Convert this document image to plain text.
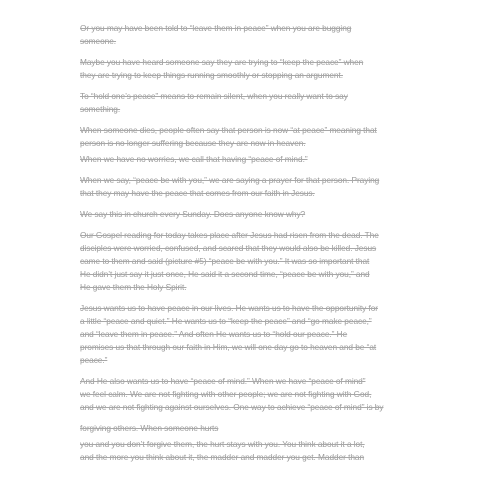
Or you may have been told to “leave them in peace” when you are bugging
someone.

Maybe you have heard someone say they are trying to “keep the peace” when
they are trying to keep things running smoothly or stopping an argument.

To “hold one’s peace” means to remain silent, when you really want to say
something.

When someone dies, people often say that person is now “at peace” meaning that
person is no longer suffering because they are now in heaven.

When we have no worries, we call that having “peace of mind.”

When we say, “peace be with you,” we are saying a prayer for that person. Praying
that they may have the peace that comes from our faith in Jesus.

We say this in church every Sunday. Does anyone know why?

Our Gospel reading for today takes place after Jesus had risen from the dead. The
disciples were worried, confused, and scared that they would also be killed. Jesus
came to them and said (picture #5) “peace be with you.” It was so important that
He didn’t just say it just once, He said it a second time, “peace be with you,” and
He gave them the Holy Spirit.

Jesus wants us to have peace in our lives. He wants us to have the opportunity for
a little “peace and quiet.” He wants us to “keep the peace” and “go make peace,”
and “leave them in peace.” And often He wants us to “hold our peace.” He
promises us that through our faith in Him, we will one day go to heaven and be “at
peace.”

And He also wants us to have “peace of mind.” When we have “peace of mind”
we feel calm. We are not fighting with other people; we are not fighting with God,
and we are not fighting against ourselves. One way to achieve “peace of mind” is by

forgiving others. When someone hurts

you and you don’t forgive them, the hurt stays with you. You think about it a lot,
and the more you think about it, the madder and madder you get. Madder than
